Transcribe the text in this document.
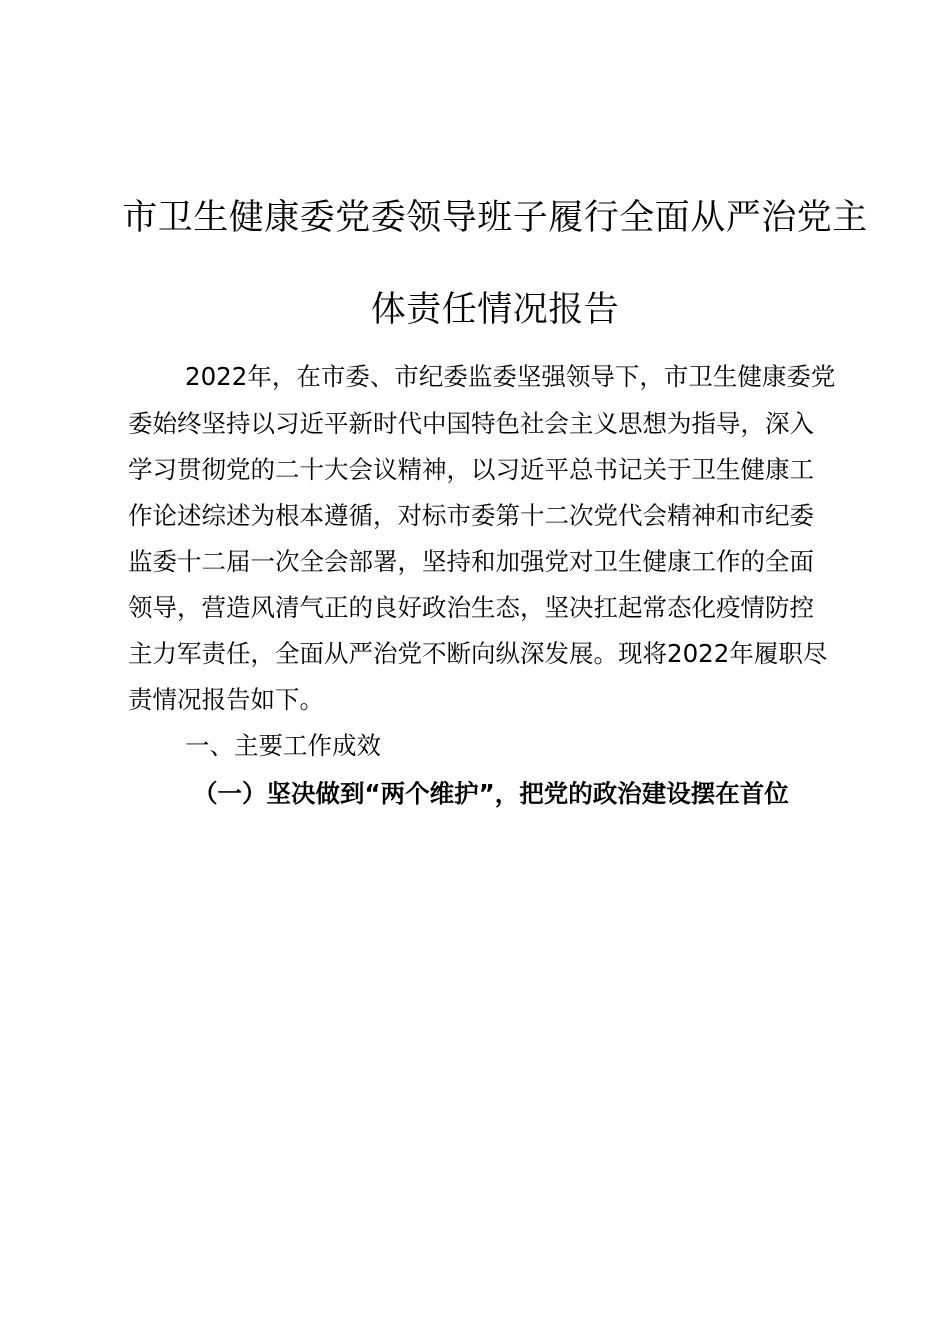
市卫生健康委党委领导班子履行全面从严治党主
体责任情况报告
2022年，在市委、市纪委监委坚强领导下，市卫生健康委党
委始终坚持以习近平新时代中国特色社会主义思想为指导，深入
学习贯彻党的二十大会议精神，以习近平总书记关于卫生健康工
作论述综述为根本遵循，对标市委第十二次党代会精神和市纪委
监委十二届一次全会部署，坚持和加强党对卫生健康工作的全面
领导，营造风清气正的良好政治生态，坚决扛起常态化疫情防控
主力军责任，全面从严治党不断向纵深发展。现将2022年履职尽
责情况报告如下。
一、主要工作成效
（一）坚决做到“两个维护”，把党的政治建设摆在首位
